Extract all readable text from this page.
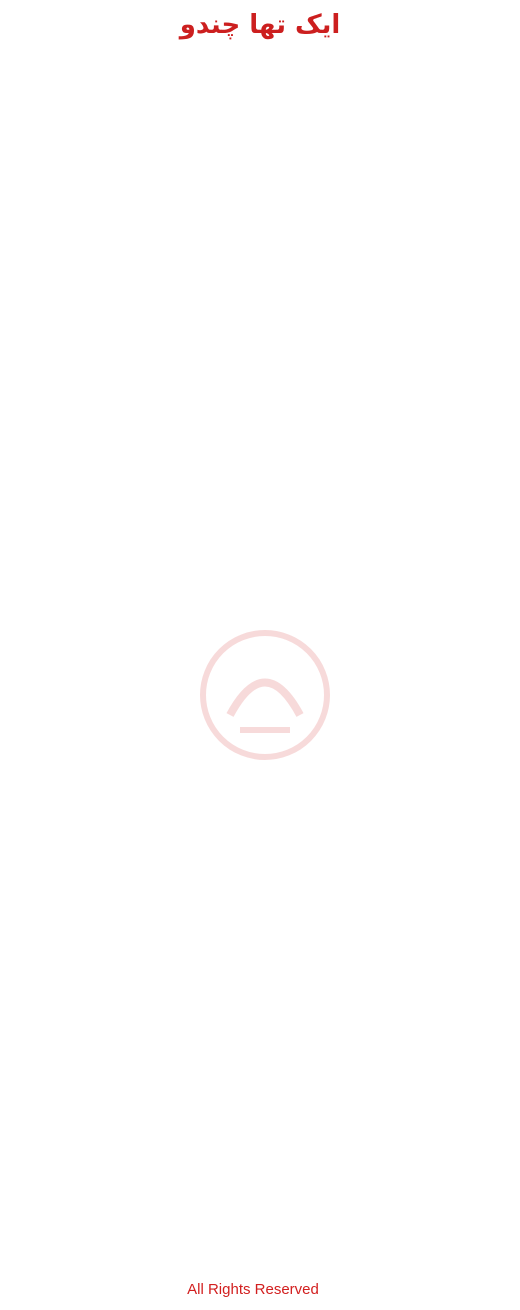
ایک تھا چندو
All Rights Reserved
